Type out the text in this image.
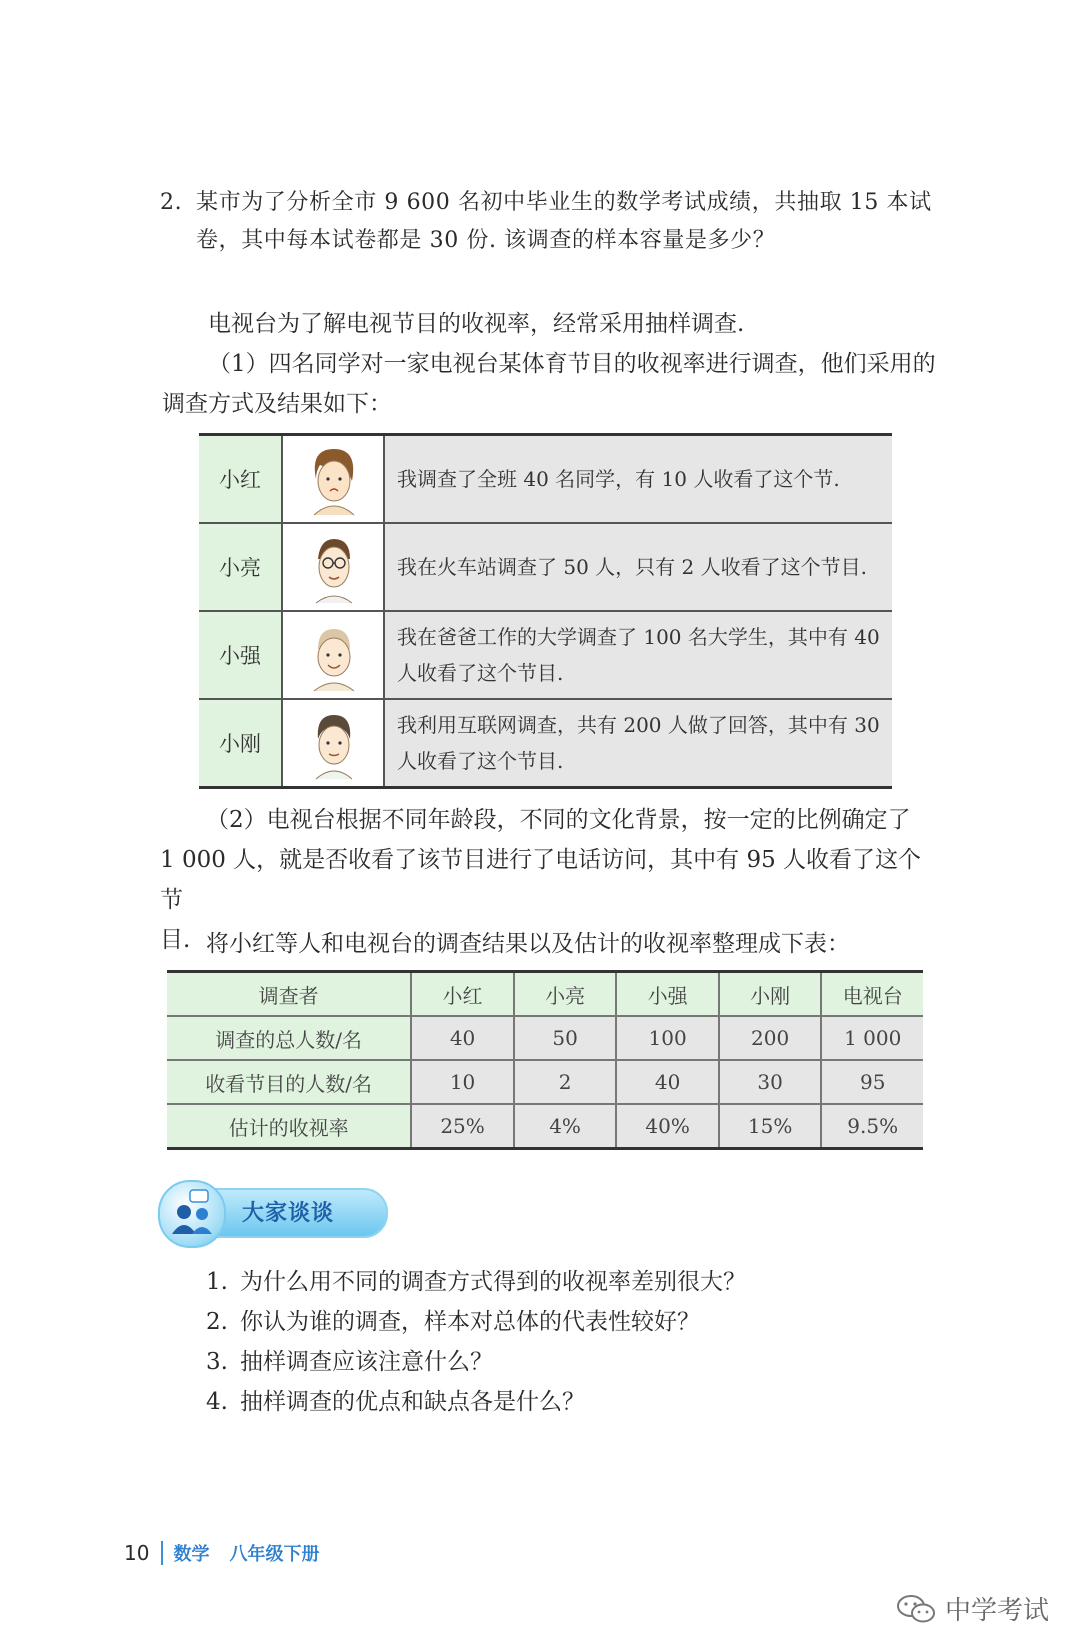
2. 某市为了分析全市 9 600 名初中毕业生的数学考试成绩，共抽取 15 本试
卷，其中每本试卷都是 30 份. 该调查的样本容量是多少？
电视台为了解电视节目的收视率，经常采用抽样调查.
（1）四名同学对一家电视台某体育节目的收视率进行调查，他们采用的
调查方式及结果如下：
小红		我调查了全班 40 名同学，有 10 人收看了这个节.
小亮		我在火车站调查了 50 人，只有 2 人收看了这个节目.
小强		我在爸爸工作的大学调查了 100 名大学生，其中有 40 人收看了这个节目.
小刚		我利用互联网调查，共有 200 人做了回答，其中有 30 人收看了这个节目.
（2）电视台根据不同年龄段，不同的文化背景，按一定的比例确定了
1 000 人，就是否收看了该节目进行了电话访问，其中有 95 人收看了这个节
目. 将小红等人和电视台的调查结果以及估计的收视率整理成下表：
调查者	小红	小亮	小强	小刚	电视台
调查的总人数/名	40	50	100	200	1 000
收看节目的人数/名	10	2	40	30	95
估计的收视率	25%	4%	40%	15%	9.5%
大家谈谈
1. 为什么用不同的调查方式得到的收视率差别很大？
2. 你认为谁的调查，样本对总体的代表性较好？
3. 抽样调查应该注意什么？
4. 抽样调查的优点和缺点各是什么？
10 数学 八年级下册
中学考试
